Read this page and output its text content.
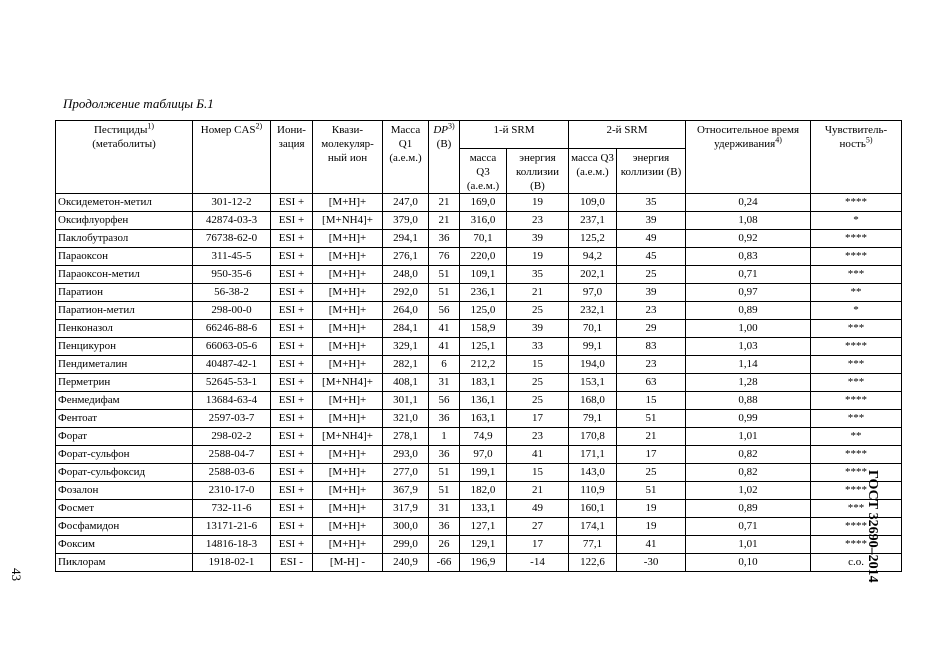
Продолжение таблицы Б.1
Пестициды$^{1)}$
(метаболиты)	Номер CAS$^{2)}$	Иони-зация	Квази-молекуляр-ный ион	Масса Q1 (а.е.м.)	DP$^{3)}$
(B)	1-й SRM		2-й SRM		Относительное время удерживания$^{4)}$	Чувствитель-ность$^{5)}$
						масса Q3 (а.е.м.)	энергия коллизии (B)	масса Q3 (а.е.м.)	энергия коллизии (B)		
Оксидеметон-метил	301-12-2	ESI +	[M+H]+	247,0	21	169,0	19	109,0	35	0,24	****
Оксифлуорфен	42874-03-3	ESI +	[M+NH4]+	379,0	21	316,0	23	237,1	39	1,08	*
Паклобутразол	76738-62-0	ESI +	[M+H]+	294,1	36	70,1	39	125,2	49	0,92	****
Параоксон	311-45-5	ESI +	[M+H]+	276,1	76	220,0	19	94,2	45	0,83	****
Параоксон-метил	950-35-6	ESI +	[M+H]+	248,0	51	109,1	35	202,1	25	0,71	***
Паратион	56-38-2	ESI +	[M+H]+	292,0	51	236,1	21	97,0	39	0,97	**
Паратион-метил	298-00-0	ESI +	[M+H]+	264,0	56	125,0	25	232,1	23	0,89	*
Пенконазол	66246-88-6	ESI +	[M+H]+	284,1	41	158,9	39	70,1	29	1,00	***
Пенцикурон	66063-05-6	ESI +	[M+H]+	329,1	41	125,1	33	99,1	83	1,03	****
Пендиметалин	40487-42-1	ESI +	[M+H]+	282,1	6	212,2	15	194,0	23	1,14	***
Перметрин	52645-53-1	ESI +	[M+NH4]+	408,1	31	183,1	25	153,1	63	1,28	***
Фенмедифам	13684-63-4	ESI +	[M+H]+	301,1	56	136,1	25	168,0	15	0,88	****
Фентоат	2597-03-7	ESI +	[M+H]+	321,0	36	163,1	17	79,1	51	0,99	***
Форат	298-02-2	ESI +	[M+NH4]+	278,1	1	74,9	23	170,8	21	1,01	**
Форат-сульфон	2588-04-7	ESI +	[M+H]+	293,0	36	97,0	41	171,1	17	0,82	****
Форат-сульфоксид	2588-03-6	ESI +	[M+H]+	277,0	51	199,1	15	143,0	25	0,82	****
Фозалон	2310-17-0	ESI +	[M+H]+	367,9	51	182,0	21	110,9	51	1,02	****
Фосмет	732-11-6	ESI +	[M+H]+	317,9	31	133,1	49	160,1	19	0,89	***
Фосфамидон	13171-21-6	ESI +	[M+H]+	300,0	36	127,1	27	174,1	19	0,71	****
Фоксим	14816-18-3	ESI +	[M+H]+	299,0	26	129,1	17	77,1	41	1,01	****
Пиклорам	1918-02-1	ESI -	[M-H] -	240,9	-66	196,9	-14	122,6	-30	0,10	с.о. ГОСТ 32690–2014
43
